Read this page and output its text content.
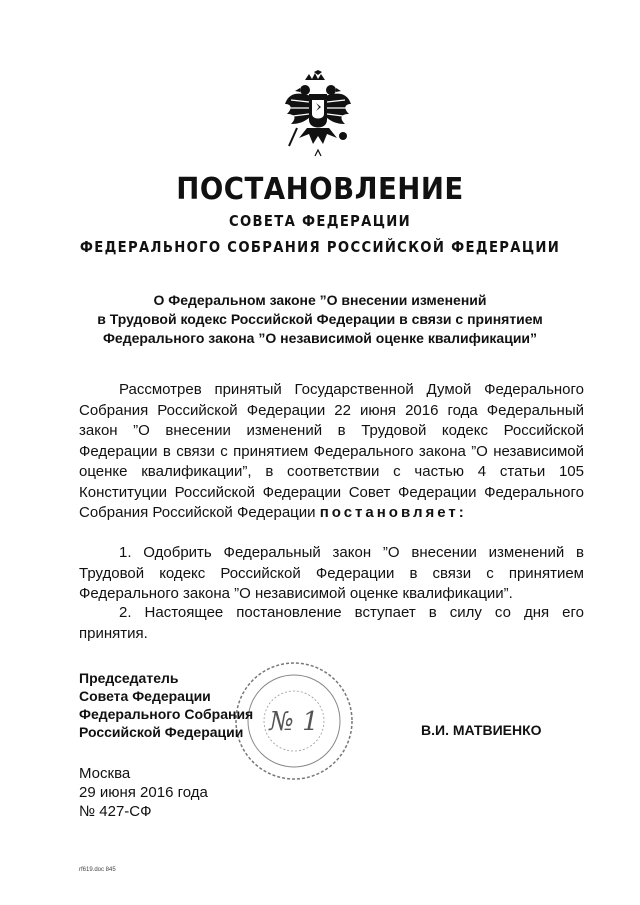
ПОСТАНОВЛЕНИЕ
СОВЕТА ФЕДЕРАЦИИ
ФЕДЕРАЛЬНОГО СОБРАНИЯ РОССИЙСКОЙ ФЕДЕРАЦИИ
О Федеральном законе ”О внесении изменений
в Трудовой кодекс Российской Федерации в связи с принятием
Федерального закона ”О независимой оценке квалификации”
Рассмотрев принятый Государственной Думой Федерального Собрания Российской Федерации 22 июня 2016 года Федеральный закон ”О внесении изменений в Трудовой кодекс Российской Федерации в связи с принятием Федерального закона ”О независимой оценке квалификации”, в соответствии с частью 4 статьи 105 Конституции Российской Федерации Совет Федерации Федерального Собрания Российской Федерации постановляет:
1. Одобрить Федеральный закон ”О внесении изменений в Трудовой кодекс Российской Федерации в связи с принятием Федерального закона ”О независимой оценке квалификации”.
2. Настоящее постановление вступает в силу со дня его принятия.
№ 1
Председатель
Совета Федерации
Федерального Собрания
Российской Федерации	В.И. МАТВИЕНКО
Москва
29 июня 2016 года
№ 427-СФ
rf619.doc 845
